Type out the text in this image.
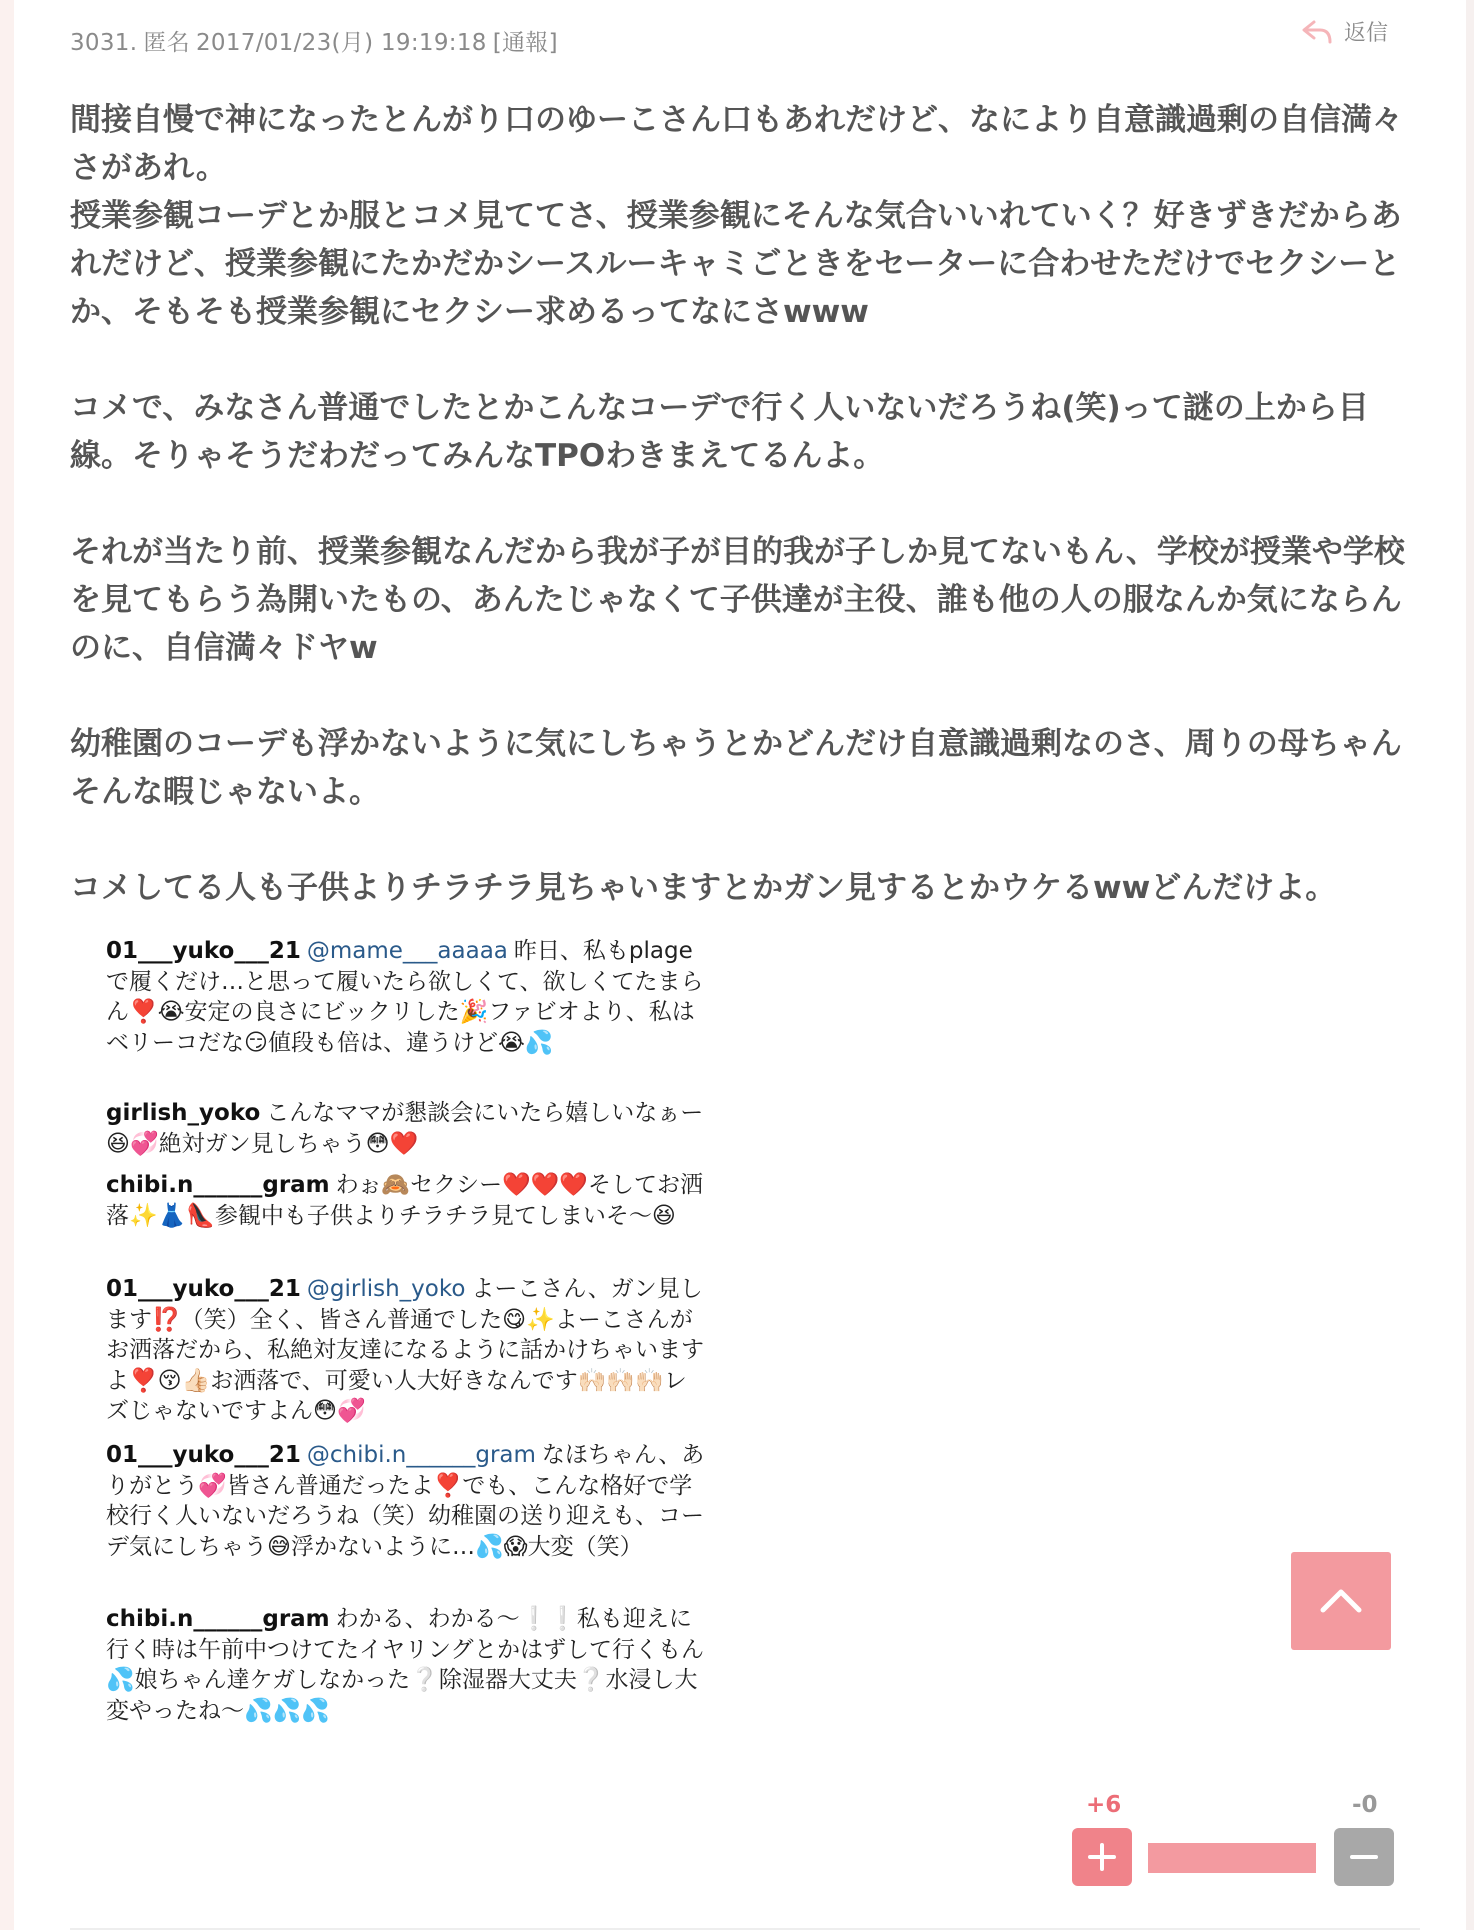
3031. 匿名 2017/01/23(月) 19:19:18 [通報]	返信

間接自慢で神になったとんがり口のゆーこさん口もあれだけど、なにより自意識過剰の自信満々さがあれ。
授業参観コーデとか服とコメ見ててさ、授業参観にそんな気合いいれていく？好きずきだからあれだけど、授業参観にたかだかシースルーキャミごときをセーターに合わせただけでセクシーとか、そもそも授業参観にセクシー求めるってなにさwww

コメで、みなさん普通でしたとかこんなコーデで行く人いないだろうね(笑)って謎の上から目線。そりゃそうだわだってみんなTPOわきまえてるんよ。

それが当たり前、授業参観なんだから我が子が目的我が子しか見てないもん、学校が授業や学校を見てもらう為開いたもの、あんたじゃなくて子供達が主役、誰も他の人の服なんか気にならんのに、自信満々ドヤw

幼稚園のコーデも浮かないように気にしちゃうとかどんだけ自意識過剰なのさ、周りの母ちゃんそんな暇じゃないよ。

コメしてる人も子供よりチラチラ見ちゃいますとかガン見するとかウケるwwどんだけよ。

01___yuko___21 @mame___aaaaa 昨日、私もplageで履くだけ…と思って履いたら欲しくて、欲しくてたまらん❣️😭安定の良さにビックリした🎉ファビオより、私はベリーコだな😏値段も倍は、違うけど😭💦
girlish_yoko こんなママが懇談会にいたら嬉しいなぁー😆💞絶対ガン見しちゃう😳❤️
chibi.n______gram わぉ🙈セクシー❤️❤️❤️そしてお洒落✨👗👠参観中も子供よりチラチラ見てしまいそ〜😆
01___yuko___21 @girlish_yoko よーこさん、ガン見します⁉️（笑）全く、皆さん普通でした😋✨よーこさんがお洒落だから、私絶対友達になるように話かけちゃいますよ❣️😚👍🏻お洒落で、可愛い人大好きなんです🙌🏻🙌🏻🙌🏻レズじゃないですよん😳💞
01___yuko___21 @chibi.n______gram なほちゃん、ありがとう💞皆さん普通だったよ❣️でも、こんな格好で学校行く人いないだろうね（笑）幼稚園の送り迎えも、コーデ気にしちゃう😅浮かないように…💦😱大変（笑）
chibi.n______gram わかる、わかる〜❕❕私も迎えに行く時は午前中つけてたイヤリングとかはずして行くもん💦娘ちゃん達ケガしなかった❔除湿器大丈夫❔水浸し大変やったね〜💦💦💦
+6	-0
